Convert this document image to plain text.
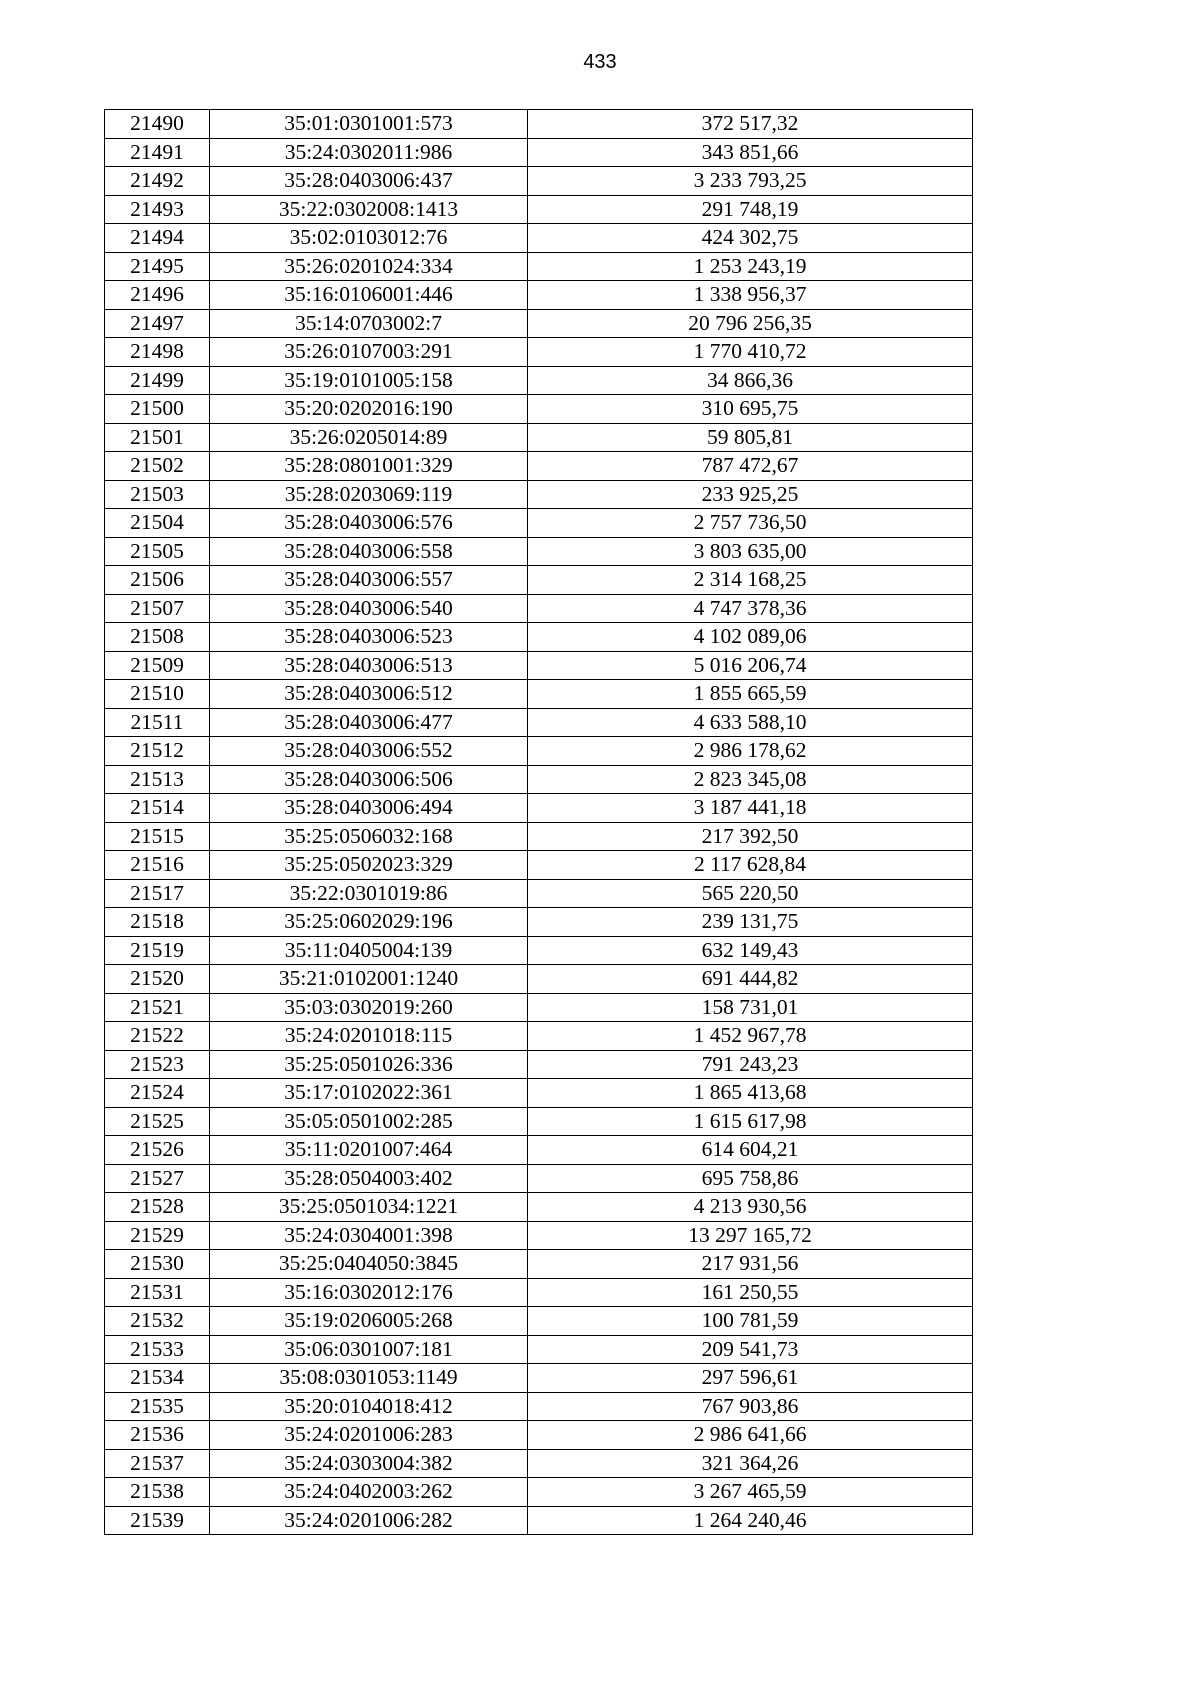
433
21490	35:01:0301001:573	372 517,32
21491	35:24:0302011:986	343 851,66
21492	35:28:0403006:437	3 233 793,25
21493	35:22:0302008:1413	291 748,19
21494	35:02:0103012:76	424 302,75
21495	35:26:0201024:334	1 253 243,19
21496	35:16:0106001:446	1 338 956,37
21497	35:14:0703002:7	20 796 256,35
21498	35:26:0107003:291	1 770 410,72
21499	35:19:0101005:158	34 866,36
21500	35:20:0202016:190	310 695,75
21501	35:26:0205014:89	59 805,81
21502	35:28:0801001:329	787 472,67
21503	35:28:0203069:119	233 925,25
21504	35:28:0403006:576	2 757 736,50
21505	35:28:0403006:558	3 803 635,00
21506	35:28:0403006:557	2 314 168,25
21507	35:28:0403006:540	4 747 378,36
21508	35:28:0403006:523	4 102 089,06
21509	35:28:0403006:513	5 016 206,74
21510	35:28:0403006:512	1 855 665,59
21511	35:28:0403006:477	4 633 588,10
21512	35:28:0403006:552	2 986 178,62
21513	35:28:0403006:506	2 823 345,08
21514	35:28:0403006:494	3 187 441,18
21515	35:25:0506032:168	217 392,50
21516	35:25:0502023:329	2 117 628,84
21517	35:22:0301019:86	565 220,50
21518	35:25:0602029:196	239 131,75
21519	35:11:0405004:139	632 149,43
21520	35:21:0102001:1240	691 444,82
21521	35:03:0302019:260	158 731,01
21522	35:24:0201018:115	1 452 967,78
21523	35:25:0501026:336	791 243,23
21524	35:17:0102022:361	1 865 413,68
21525	35:05:0501002:285	1 615 617,98
21526	35:11:0201007:464	614 604,21
21527	35:28:0504003:402	695 758,86
21528	35:25:0501034:1221	4 213 930,56
21529	35:24:0304001:398	13 297 165,72
21530	35:25:0404050:3845	217 931,56
21531	35:16:0302012:176	161 250,55
21532	35:19:0206005:268	100 781,59
21533	35:06:0301007:181	209 541,73
21534	35:08:0301053:1149	297 596,61
21535	35:20:0104018:412	767 903,86
21536	35:24:0201006:283	2 986 641,66
21537	35:24:0303004:382	321 364,26
21538	35:24:0402003:262	3 267 465,59
21539	35:24:0201006:282	1 264 240,46
